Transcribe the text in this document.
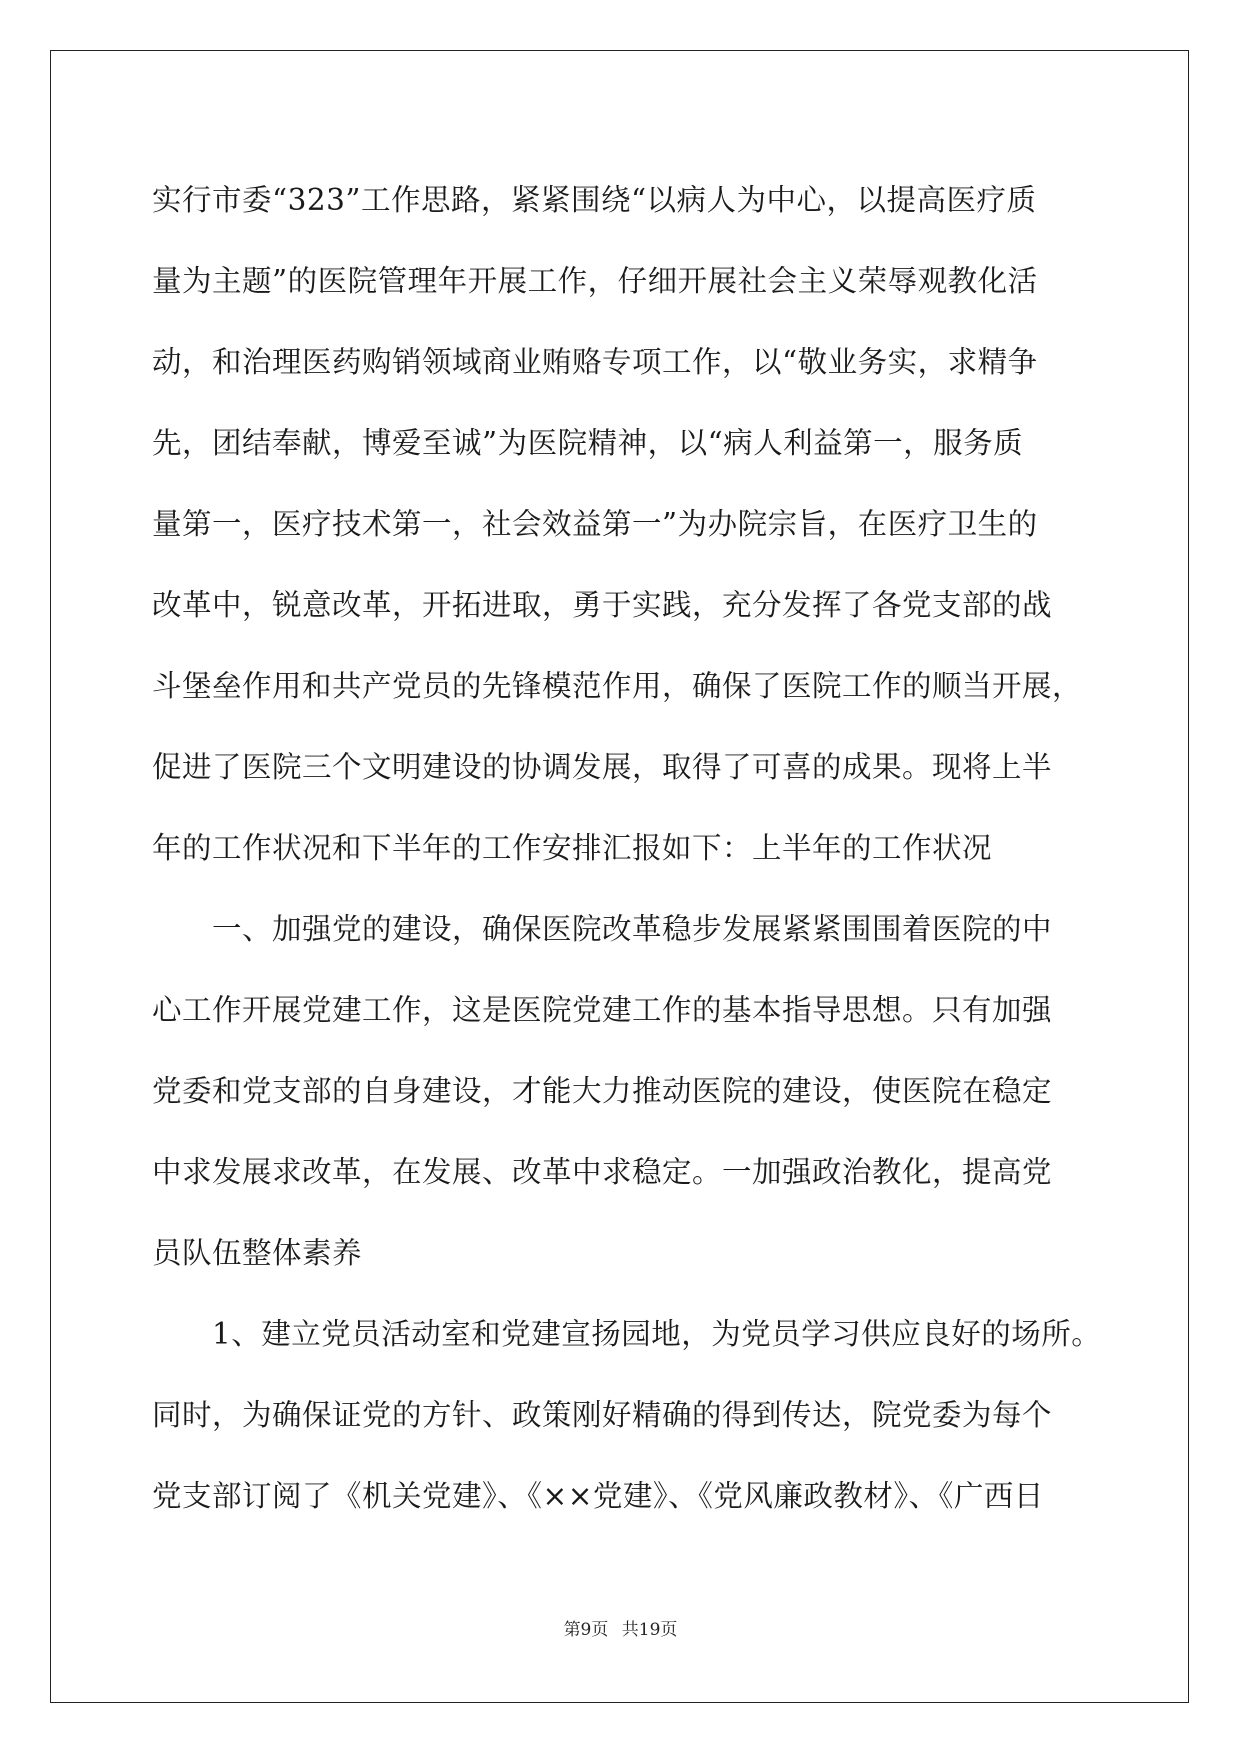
实行市委“323”工作思路，紧紧围绕“以病人为中心，以提高医疗质
量为主题”的医院管理年开展工作，仔细开展社会主义荣辱观教化活
动，和治理医药购销领域商业贿赂专项工作，以“敬业务实，求精争
先，团结奉献，博爱至诚”为医院精神，以“病人利益第一，服务质
量第一，医疗技术第一，社会效益第一”为办院宗旨，在医疗卫生的
改革中，锐意改革，开拓进取，勇于实践，充分发挥了各党支部的战
斗堡垒作用和共产党员的先锋模范作用，确保了医院工作的顺当开展，
促进了医院三个文明建设的协调发展，取得了可喜的成果。现将上半
年的工作状况和下半年的工作安排汇报如下：上半年的工作状况
　　一、加强党的建设，确保医院改革稳步发展紧紧围围着医院的中
心工作开展党建工作，这是医院党建工作的基本指导思想。只有加强
党委和党支部的自身建设，才能大力推动医院的建设，使医院在稳定
中求发展求改革，在发展、改革中求稳定。一加强政治教化，提高党
员队伍整体素养
　　1、建立党员活动室和党建宣扬园地，为党员学习供应良好的场所。
同时，为确保证党的方针、政策刚好精确的得到传达，院党委为每个
党支部订阅了《机关党建》、《××党建》、《党风廉政教材》、《广西日
第9页 共19页
